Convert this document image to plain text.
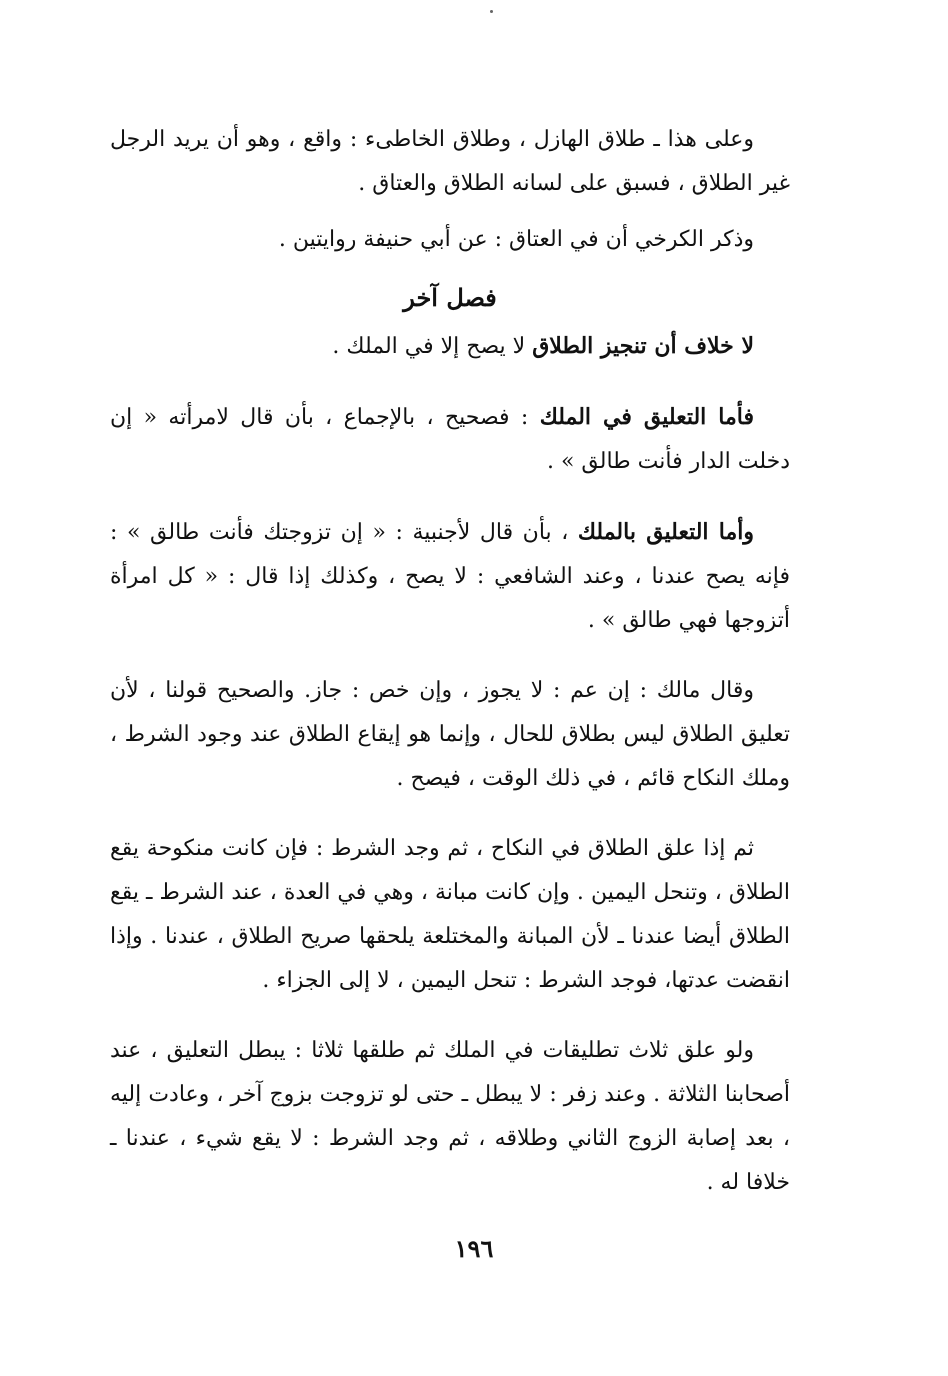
وعلى هذا ـ طلاق الهازل ، وطلاق الخاطىء : واقع ، وهو أن يريد الرجل غير الطلاق ، فسبق على لسانه الطلاق والعتاق .

وذكر الكرخي أن في العتاق : عن أبي حنيفة روايتين .

فصل آخر

لا خلاف أن تنجيز الطلاق لا يصح إلا في الملك .

فأما التعليق في الملك : فصحيح ، بالإجماع ، بأن قال لامرأته « إن دخلت الدار فأنت طالق » .

وأما التعليق بالملك ، بأن قال لأجنبية : « إن تزوجتك فأنت طالق » : فإنه يصح عندنا ، وعند الشافعي : لا يصح ، وكذلك إذا قال : « كل امرأة أتزوجها فهي طالق » .

وقال مالك : إن عم : لا يجوز ، وإن خص : جاز. والصحيح قولنا ، لأن تعليق الطلاق ليس بطلاق للحال ، وإنما هو إيقاع الطلاق عند وجود الشرط ، وملك النكاح قائم ، في ذلك الوقت ، فيصح .

ثم إذا علق الطلاق في النكاح ، ثم وجد الشرط : فإن كانت منكوحة يقع الطلاق ، وتنحل اليمين . وإن كانت مبانة ، وهي في العدة ، عند الشرط ـ يقع الطلاق أيضا عندنا ـ لأن المبانة والمختلعة يلحقها صريح الطلاق ، عندنا . وإذا انقضت عدتها، فوجد الشرط : تنحل اليمين ، لا إلى الجزاء .

ولو علق ثلاث تطليقات في الملك ثم طلقها ثلاثا : يبطل التعليق ، عند أصحابنا الثلاثة . وعند زفر : لا يبطل ـ حتى لو تزوجت بزوج آخر ، وعادت إليه ، بعد إصابة الزوج الثاني وطلاقه ، ثم وجد الشرط : لا يقع شيء ، عندنا ـ خلافا له .

١٩٦
